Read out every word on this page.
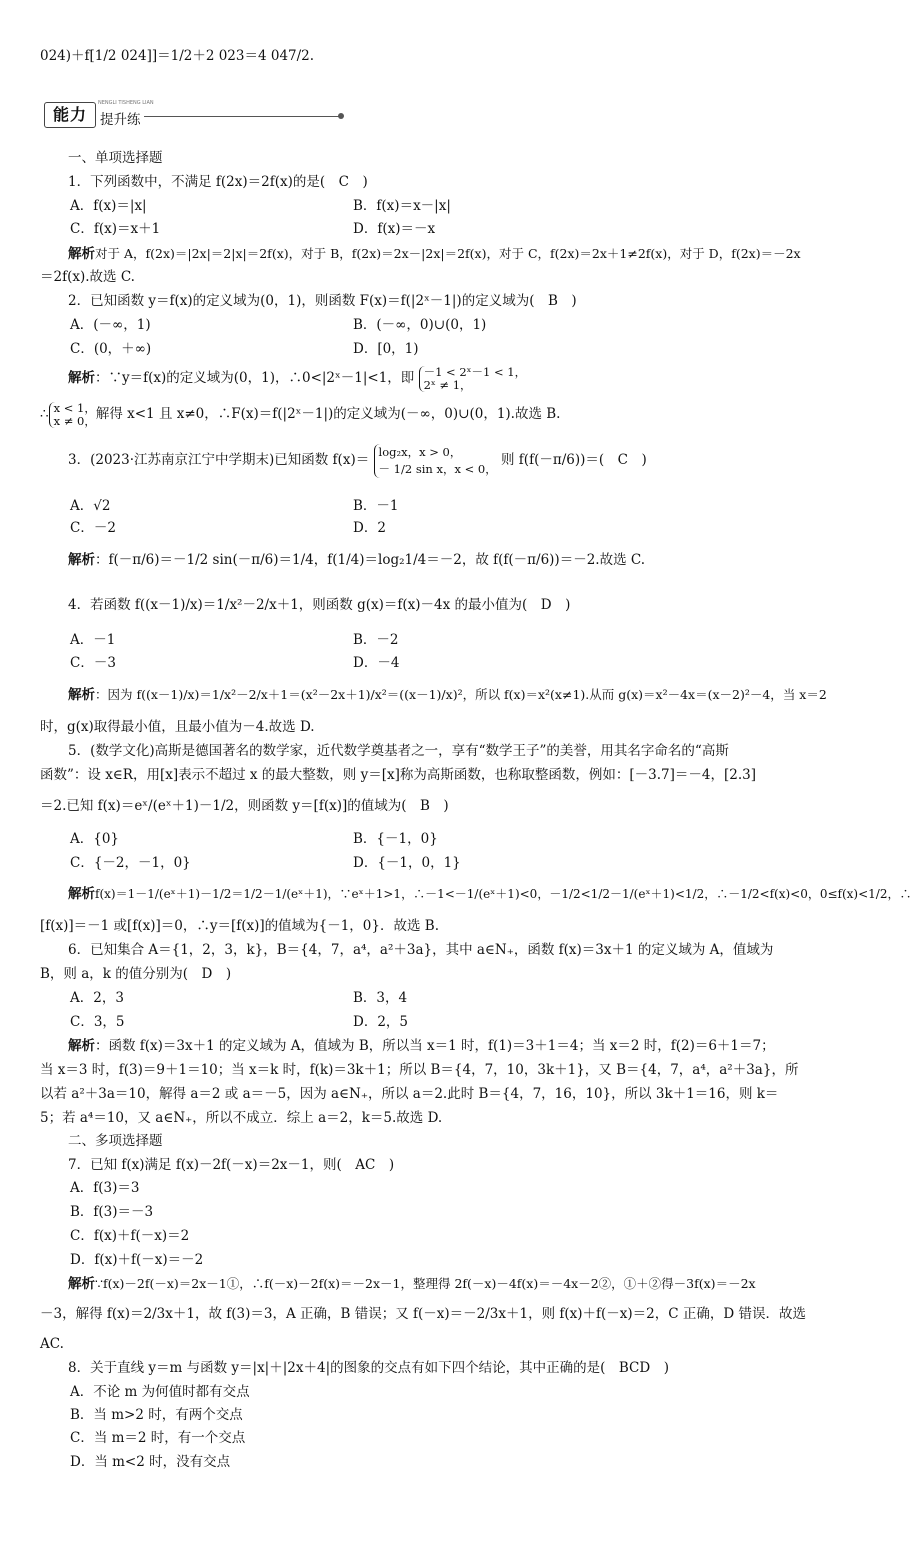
024)＋f[1/2 024]]＝1/2＋2 023＝4 047/2.
能力
NENGLI TISHENG LIAN
提升练
一、单项选择题
1．下列函数中，不满足 f(2x)＝2f(x)的是(　C　)
A．f(x)＝|x|	B．f(x)＝x－|x|
C．f(x)＝x＋1	D．f(x)＝－x
解析对于 A，f(2x)＝|2x|＝2|x|＝2f(x)，对于 B，f(2x)＝2x－|2x|＝2f(x)，对于 C，f(2x)＝2x＋1≠2f(x)，对于 D，f(2x)＝－2x
＝2f(x).故选 C.
2．已知函数 y＝f(x)的定义域为(0，1)，则函数 F(x)＝f(|2ˣ－1|)的定义域为(　B　)
A．(－∞，1)	B．(－∞，0)∪(0，1)
C．(0，＋∞)	D．[0，1)
解析：∵y＝f(x)的定义域为(0，1)，∴0<|2ˣ－1|<1，即 －1 < 2ˣ－1 < 1，
2ˣ ≠ 1，
∴ x < 1，
x ≠ 0， 解得 x<1 且 x≠0，∴F(x)＝f(|2ˣ－1|)的定义域为(－∞，0)∪(0，1).故选 B.
3．(2023·江苏南京江宁中学期末)已知函数 f(x)＝
log₂x，x > 0，
－ 1/2 sin x，x < 0，
则 f(f(－π/6))＝(　C　)
A．√2	B．－1
C．－2	D．2
解析：f(－π/6)＝－1/2 sin(－π/6)＝1/4，f(1/4)＝log₂1/4＝－2，故 f(f(－π/6))＝－2.故选 C.
4．若函数 f((x－1)/x)＝1/x²－2/x＋1，则函数 g(x)＝f(x)－4x 的最小值为(　D　)
A．－1	B．－2
C．－3	D．－4
解析：因为 f((x－1)/x)＝1/x²－2/x＋1＝(x²－2x＋1)/x²＝((x－1)/x)²，所以 f(x)＝x²(x≠1).从而 g(x)＝x²－4x＝(x－2)²－4，当 x＝2
时，g(x)取得最小值，且最小值为－4.故选 D.
5．(数学文化)高斯是德国著名的数学家，近代数学奠基者之一，享有“数学王子”的美誉，用其名字命名的“高斯
函数”：设 x∈R，用[x]表示不超过 x 的最大整数，则 y＝[x]称为高斯函数，也称取整函数，例如：[－3.7]＝－4，[2.3]
＝2.已知 f(x)＝eˣ/(eˣ＋1)－1/2，则函数 y＝[f(x)]的值域为(　B　)
A．{0}	B．{－1，0}
C．{－2，－1，0}	D．{－1，0，1}
解析f(x)＝1－1/(eˣ＋1)－1/2＝1/2－1/(eˣ＋1)，∵eˣ＋1>1，∴－1<－1/(eˣ＋1)<0，－1/2<1/2－1/(eˣ＋1)<1/2，∴－1/2<f(x)<0，0≤f(x)<1/2，∴
[f(x)]＝－1 或[f(x)]＝0，∴y＝[f(x)]的值域为{－1，0}．故选 B.
6．已知集合 A＝{1，2，3，k}，B＝{4，7，a⁴，a²＋3a}，其中 a∈N₊，函数 f(x)＝3x＋1 的定义域为 A，值域为
B，则 a，k 的值分别为(　D　)
A．2，3	B．3，4
C．3，5	D．2，5
解析：函数 f(x)＝3x＋1 的定义域为 A，值域为 B，所以当 x＝1 时，f(1)＝3＋1＝4；当 x＝2 时，f(2)＝6＋1＝7；
当 x＝3 时，f(3)＝9＋1＝10；当 x＝k 时，f(k)＝3k＋1；所以 B＝{4，7，10，3k＋1}，又 B＝{4，7，a⁴，a²＋3a}，所
以若 a²＋3a＝10，解得 a＝2 或 a＝－5，因为 a∈N₊，所以 a＝2.此时 B＝{4，7，16，10}，所以 3k＋1＝16，则 k＝
5；若 a⁴＝10，又 a∈N₊，所以不成立．综上 a＝2，k＝5.故选 D.
二、多项选择题
7．已知 f(x)满足 f(x)－2f(－x)＝2x－1，则(　AC　)
A．f(3)＝3
B．f(3)＝－3
C．f(x)＋f(－x)＝2
D．f(x)＋f(－x)＝－2
解析∵f(x)－2f(－x)＝2x－1①，∴f(－x)－2f(x)＝－2x－1，整理得 2f(－x)－4f(x)＝－4x－2②，①＋②得－3f(x)＝－2x
－3，解得 f(x)＝2/3x＋1，故 f(3)＝3，A 正确，B 错误；又 f(－x)＝－2/3x＋1，则 f(x)＋f(－x)＝2，C 正确，D 错误．故选
AC.
8．关于直线 y＝m 与函数 y＝|x|＋|2x＋4|的图象的交点有如下四个结论，其中正确的是(　BCD　)
A．不论 m 为何值时都有交点
B．当 m>2 时，有两个交点
C．当 m＝2 时，有一个交点
D．当 m<2 时，没有交点
